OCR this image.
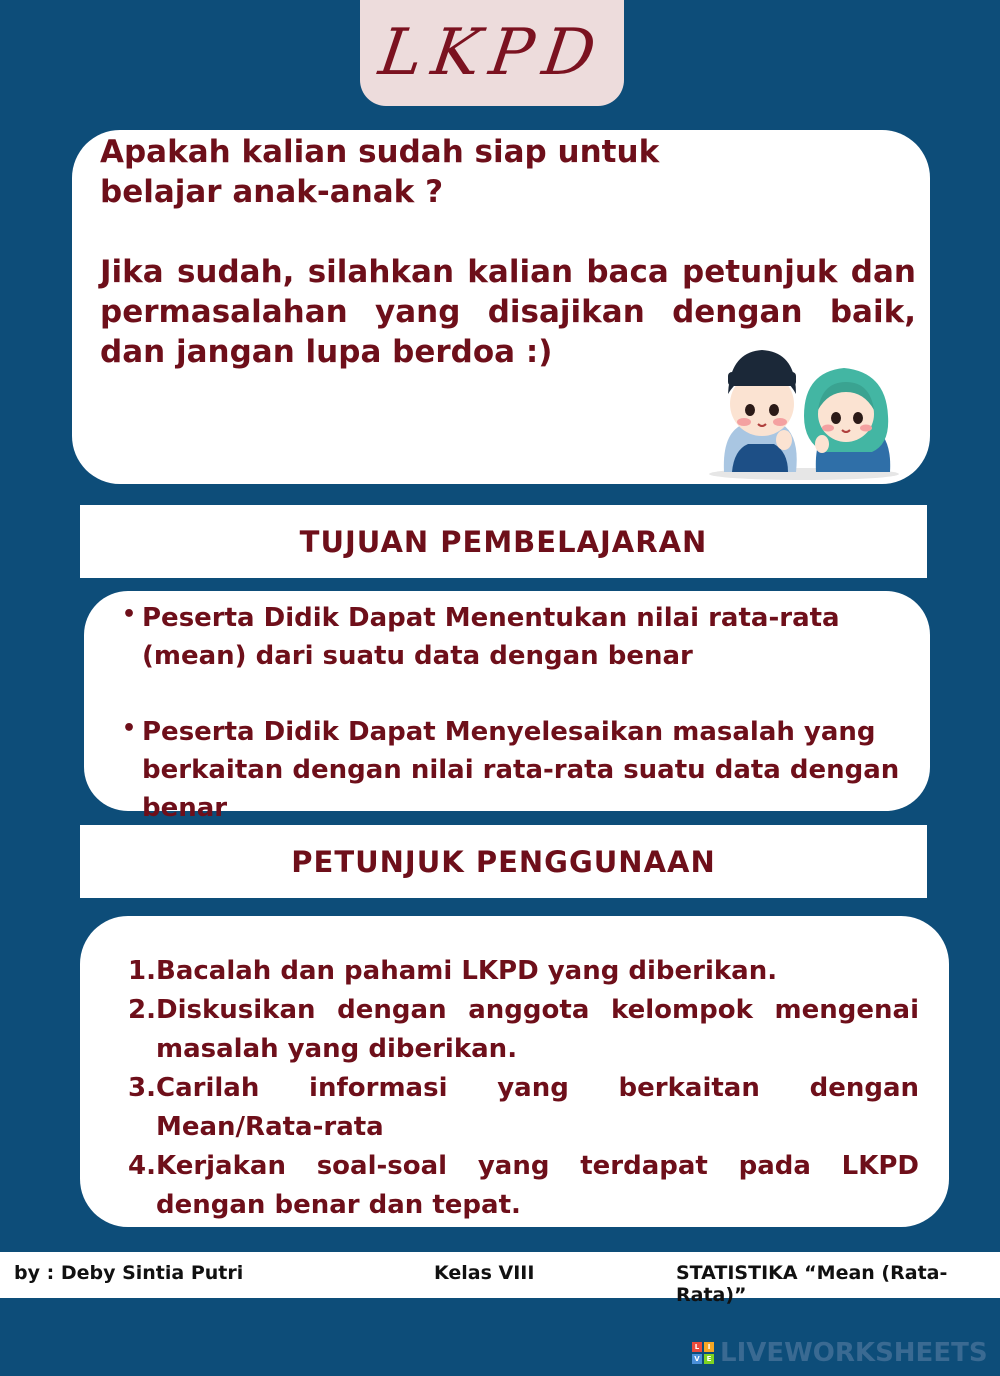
LKPD

Apakah kalian sudah siap untuk belajar anak-anak ?

Jika sudah, silahkan kalian baca petunjuk dan permasalahan yang disajikan dengan baik, dan jangan lupa berdoa :)

TUJUAN PEMBELAJARAN
• Peserta Didik Dapat Menentukan nilai rata-rata (mean) dari suatu data dengan benar
• Peserta Didik Dapat Menyelesaikan masalah yang berkaitan dengan nilai rata-rata suatu data dengan benar
PETUNJUK PENGGUNAAN
1. Bacalah dan pahami LKPD yang diberikan.
2. Diskusikan dengan anggota kelompok mengenai masalah yang diberikan.
3. Carilah informasi yang berkaitan dengan Mean/Rata-rata
4. Kerjakan soal-soal yang terdapat pada LKPD dengan benar dan tepat.
by : Deby Sintia Putri	Kelas VIII	STATISTIKA “Mean (Rata-Rata)”
L	I
V E LIVEWORKSHEETS
